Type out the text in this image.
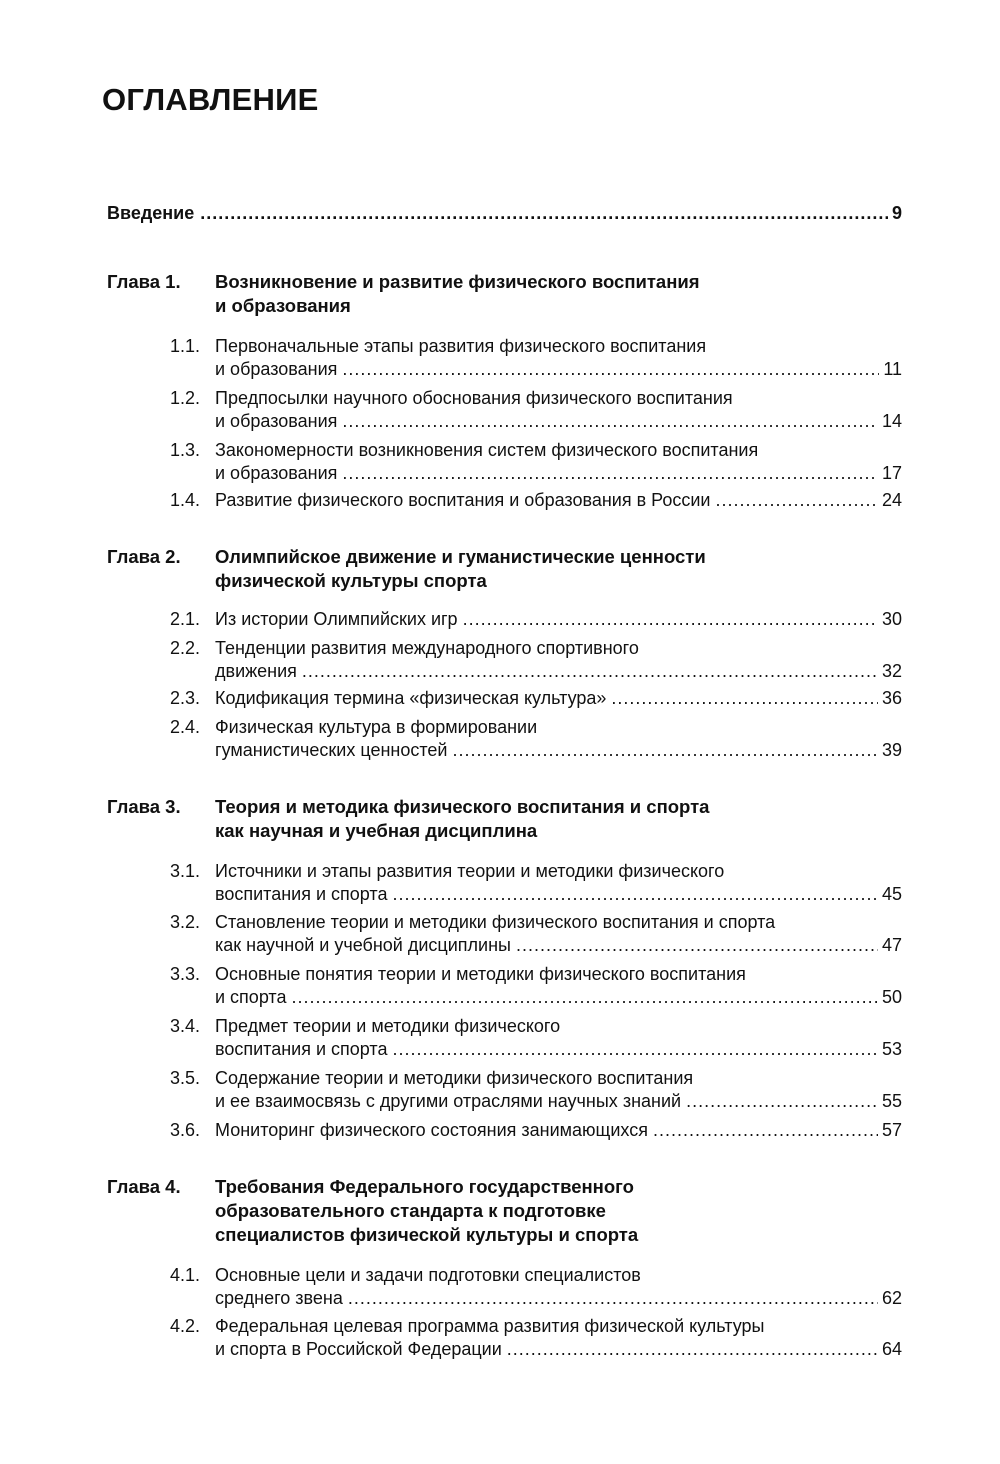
ОГЛАВЛЕНИЕ
Введение .....	9
Глава 1. Возникновение и развитие физического воспитания
и образования
1.1. Первоначальные этапы развития физического воспитания
и образования .....	11
1.2. Предпосылки научного обоснования физического воспитания
и образования .....	14
1.3. Закономерности возникновения систем физического воспитания
и образования .....	17
1.4. Развитие физического воспитания и образования в России .....	24
Глава 2. Олимпийское движение и гуманистические ценности
физической культуры спорта
2.1. Из истории Олимпийских игр .....	30
2.2. Тенденции развития международного спортивного
движения .....	32
2.3. Кодификация термина «физическая культура» .....	36
2.4. Физическая культура в формировании
гуманистических ценностей .....	39
Глава 3. Теория и методика физического воспитания и спорта
как научная и учебная дисциплина
3.1. Источники и этапы развития теории и методики физического
воспитания и спорта .....	45
3.2. Становление теории и методики физического воспитания и спорта
как научной и учебной дисциплины .....	47
3.3. Основные понятия теории и методики физического воспитания
и спорта .....	50
3.4. Предмет теории и методики физического
воспитания и спорта .....	53
3.5. Содержание теории и методики физического воспитания
и ее взаимосвязь с другими отраслями научных знаний .....	55
3.6. Мониторинг физического состояния занимающихся .....	57
Глава 4. Требования Федерального государственного
образовательного стандарта к подготовке
специалистов физической культуры и спорта
4.1. Основные цели и задачи подготовки специалистов
среднего звена .....	62
4.2. Федеральная целевая программа развития физической культуры
и спорта в Российской Федерации .....	64
